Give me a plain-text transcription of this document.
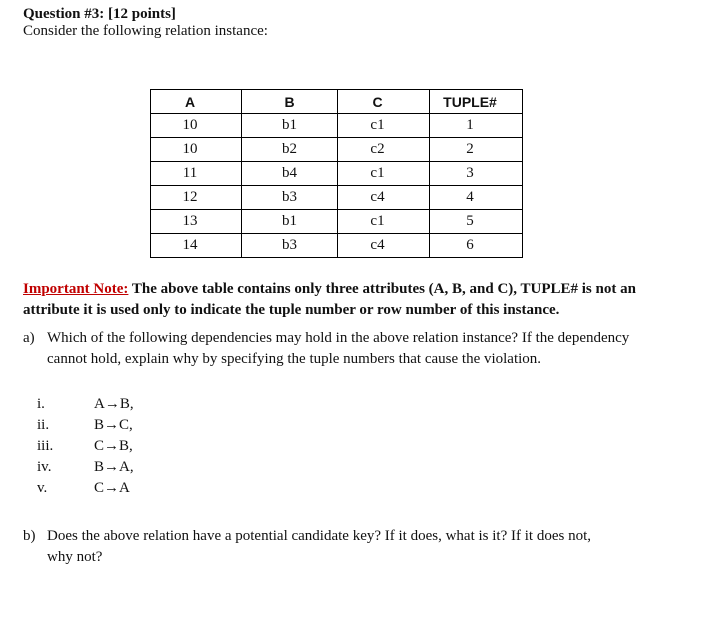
Question #3: [12 points]
Consider the following relation instance:
A	B	C	TUPLE#
10	b1	c1	1
10	b2	c2	2
11	b4	c1	3
12	b3	c4	4
13	b1	c1	5
14	b3	c4	6
Important Note: The above table contains only three attributes (A, B, and C), TUPLE# is not an attribute it is used only to indicate the tuple number or row number of this instance.
a) Which of the following dependencies may hold in the above relation instance? If the dependency
cannot hold, explain why by specifying the tuple numbers that cause the violation.
i.	A→B,
ii.	B→C,
iii.	C→B,
iv.	B→A,
v.	C→A
b) Does the above relation have a potential candidate key? If it does, what is it? If it does not,
why not?
